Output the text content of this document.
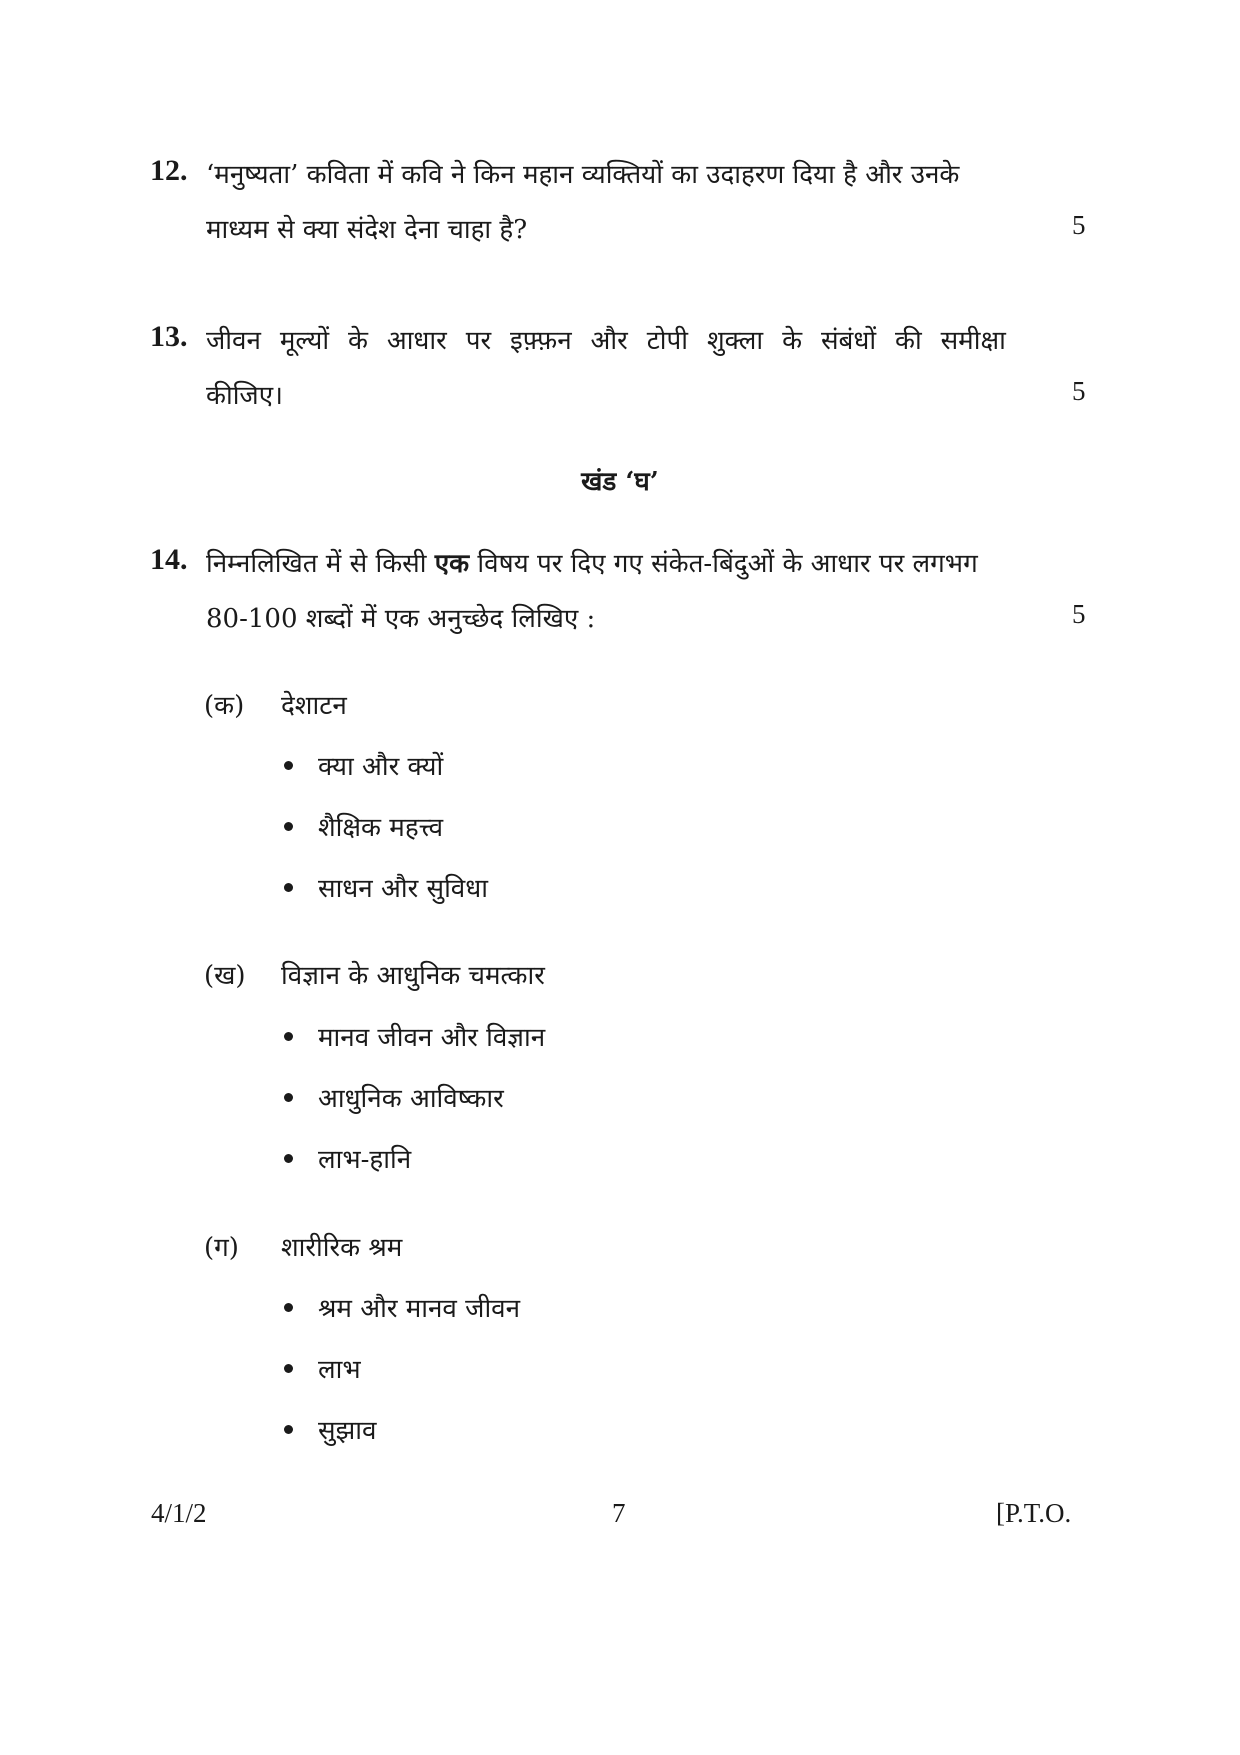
12. ‘मनुष्यता’ कविता में कवि ने किन महान व्यक्तियों का उदाहरण दिया है और उनके
माध्यम से क्या संदेश देना चाहा है?	5
13. जीवन मूल्यों के आधार पर इफ़्फ़न और टोपी शुक्ला के संबंधों की समीक्षा
कीजिए।	5
खंड ‘घ’
14. निम्नलिखित में से किसी एक विषय पर दिए गए संकेत-बिंदुओं के आधार पर लगभग
80-100 शब्दों में एक अनुच्छेद लिखिए :	5
(क) देशाटन
क्या और क्यों
शैक्षिक महत्त्व
साधन और सुविधा
(ख) विज्ञान के आधुनिक चमत्कार
मानव जीवन और विज्ञान
आधुनिक आविष्कार
लाभ-हानि
(ग) शारीरिक श्रम
श्रम और मानव जीवन
लाभ
सुझाव
4/1/2	7	[P.T.O.
